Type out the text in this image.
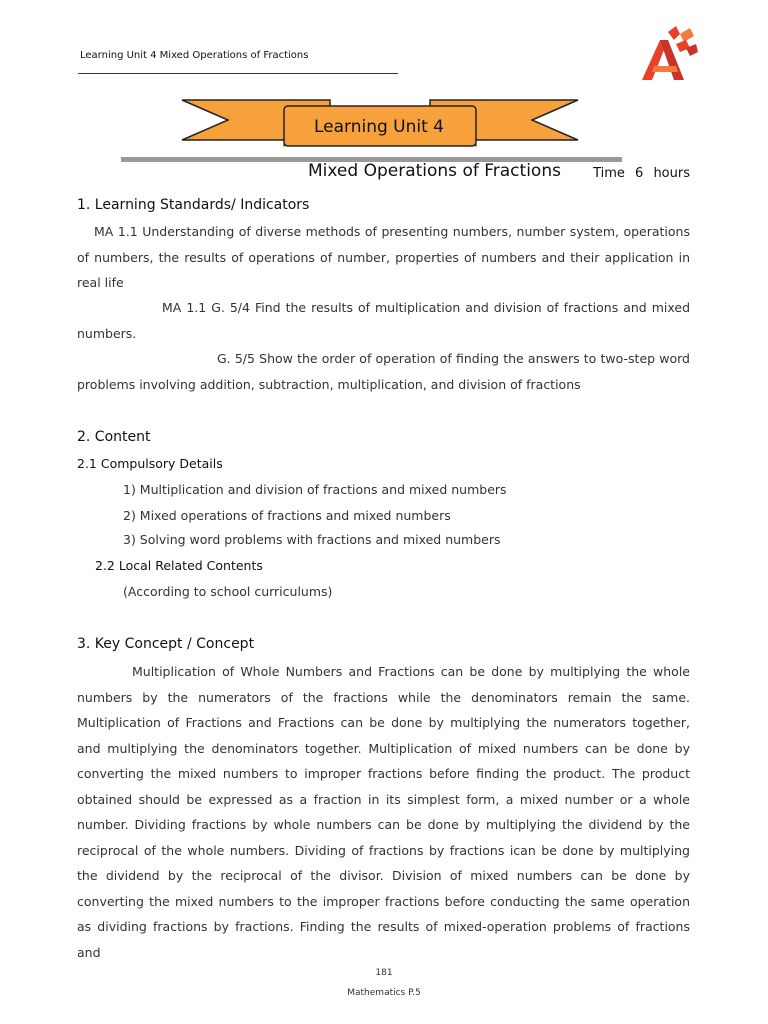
Learning Unit 4 Mixed Operations of Fractions
Learning Unit 4
Mixed Operations of Fractions Time 6 hours
1. Learning Standards/ Indicators
MA 1.1 Understanding of diverse methods of presenting numbers, number system, operations of numbers, the results of operations of number, properties of numbers and their application in real life
MA 1.1 G. 5/4 Find the results of multiplication and division of fractions and mixed numbers.
G. 5/5 Show the order of operation of finding the answers to two-step word problems involving addition, subtraction, multiplication, and division of fractions
2. Content
2.1 Compulsory Details
1) Multiplication and division of fractions and mixed numbers
2) Mixed operations of fractions and mixed numbers
3) Solving word problems with fractions and mixed numbers
2.2 Local Related Contents
(According to school curriculums)
3. Key Concept / Concept
Multiplication of Whole Numbers and Fractions can be done by multiplying the whole numbers by the numerators of the fractions while the denominators remain the same. Multiplication of Fractions and Fractions can be done by multiplying the numerators together, and multiplying the denominators together. Multiplication of mixed numbers can be done by converting the mixed numbers to improper fractions before finding the product. The product obtained should be expressed as a fraction in its simplest form, a mixed number or a whole number. Dividing fractions by whole numbers can be done by multiplying the dividend by the reciprocal of the whole numbers. Dividing of fractions by fractions ican be done by multiplying the dividend by the reciprocal of the divisor. Division of mixed numbers can be done by converting the mixed numbers to the improper fractions before conducting the same operation as dividing fractions by fractions. Finding the results of mixed-operation problems of fractions and
181
Mathematics P.5
